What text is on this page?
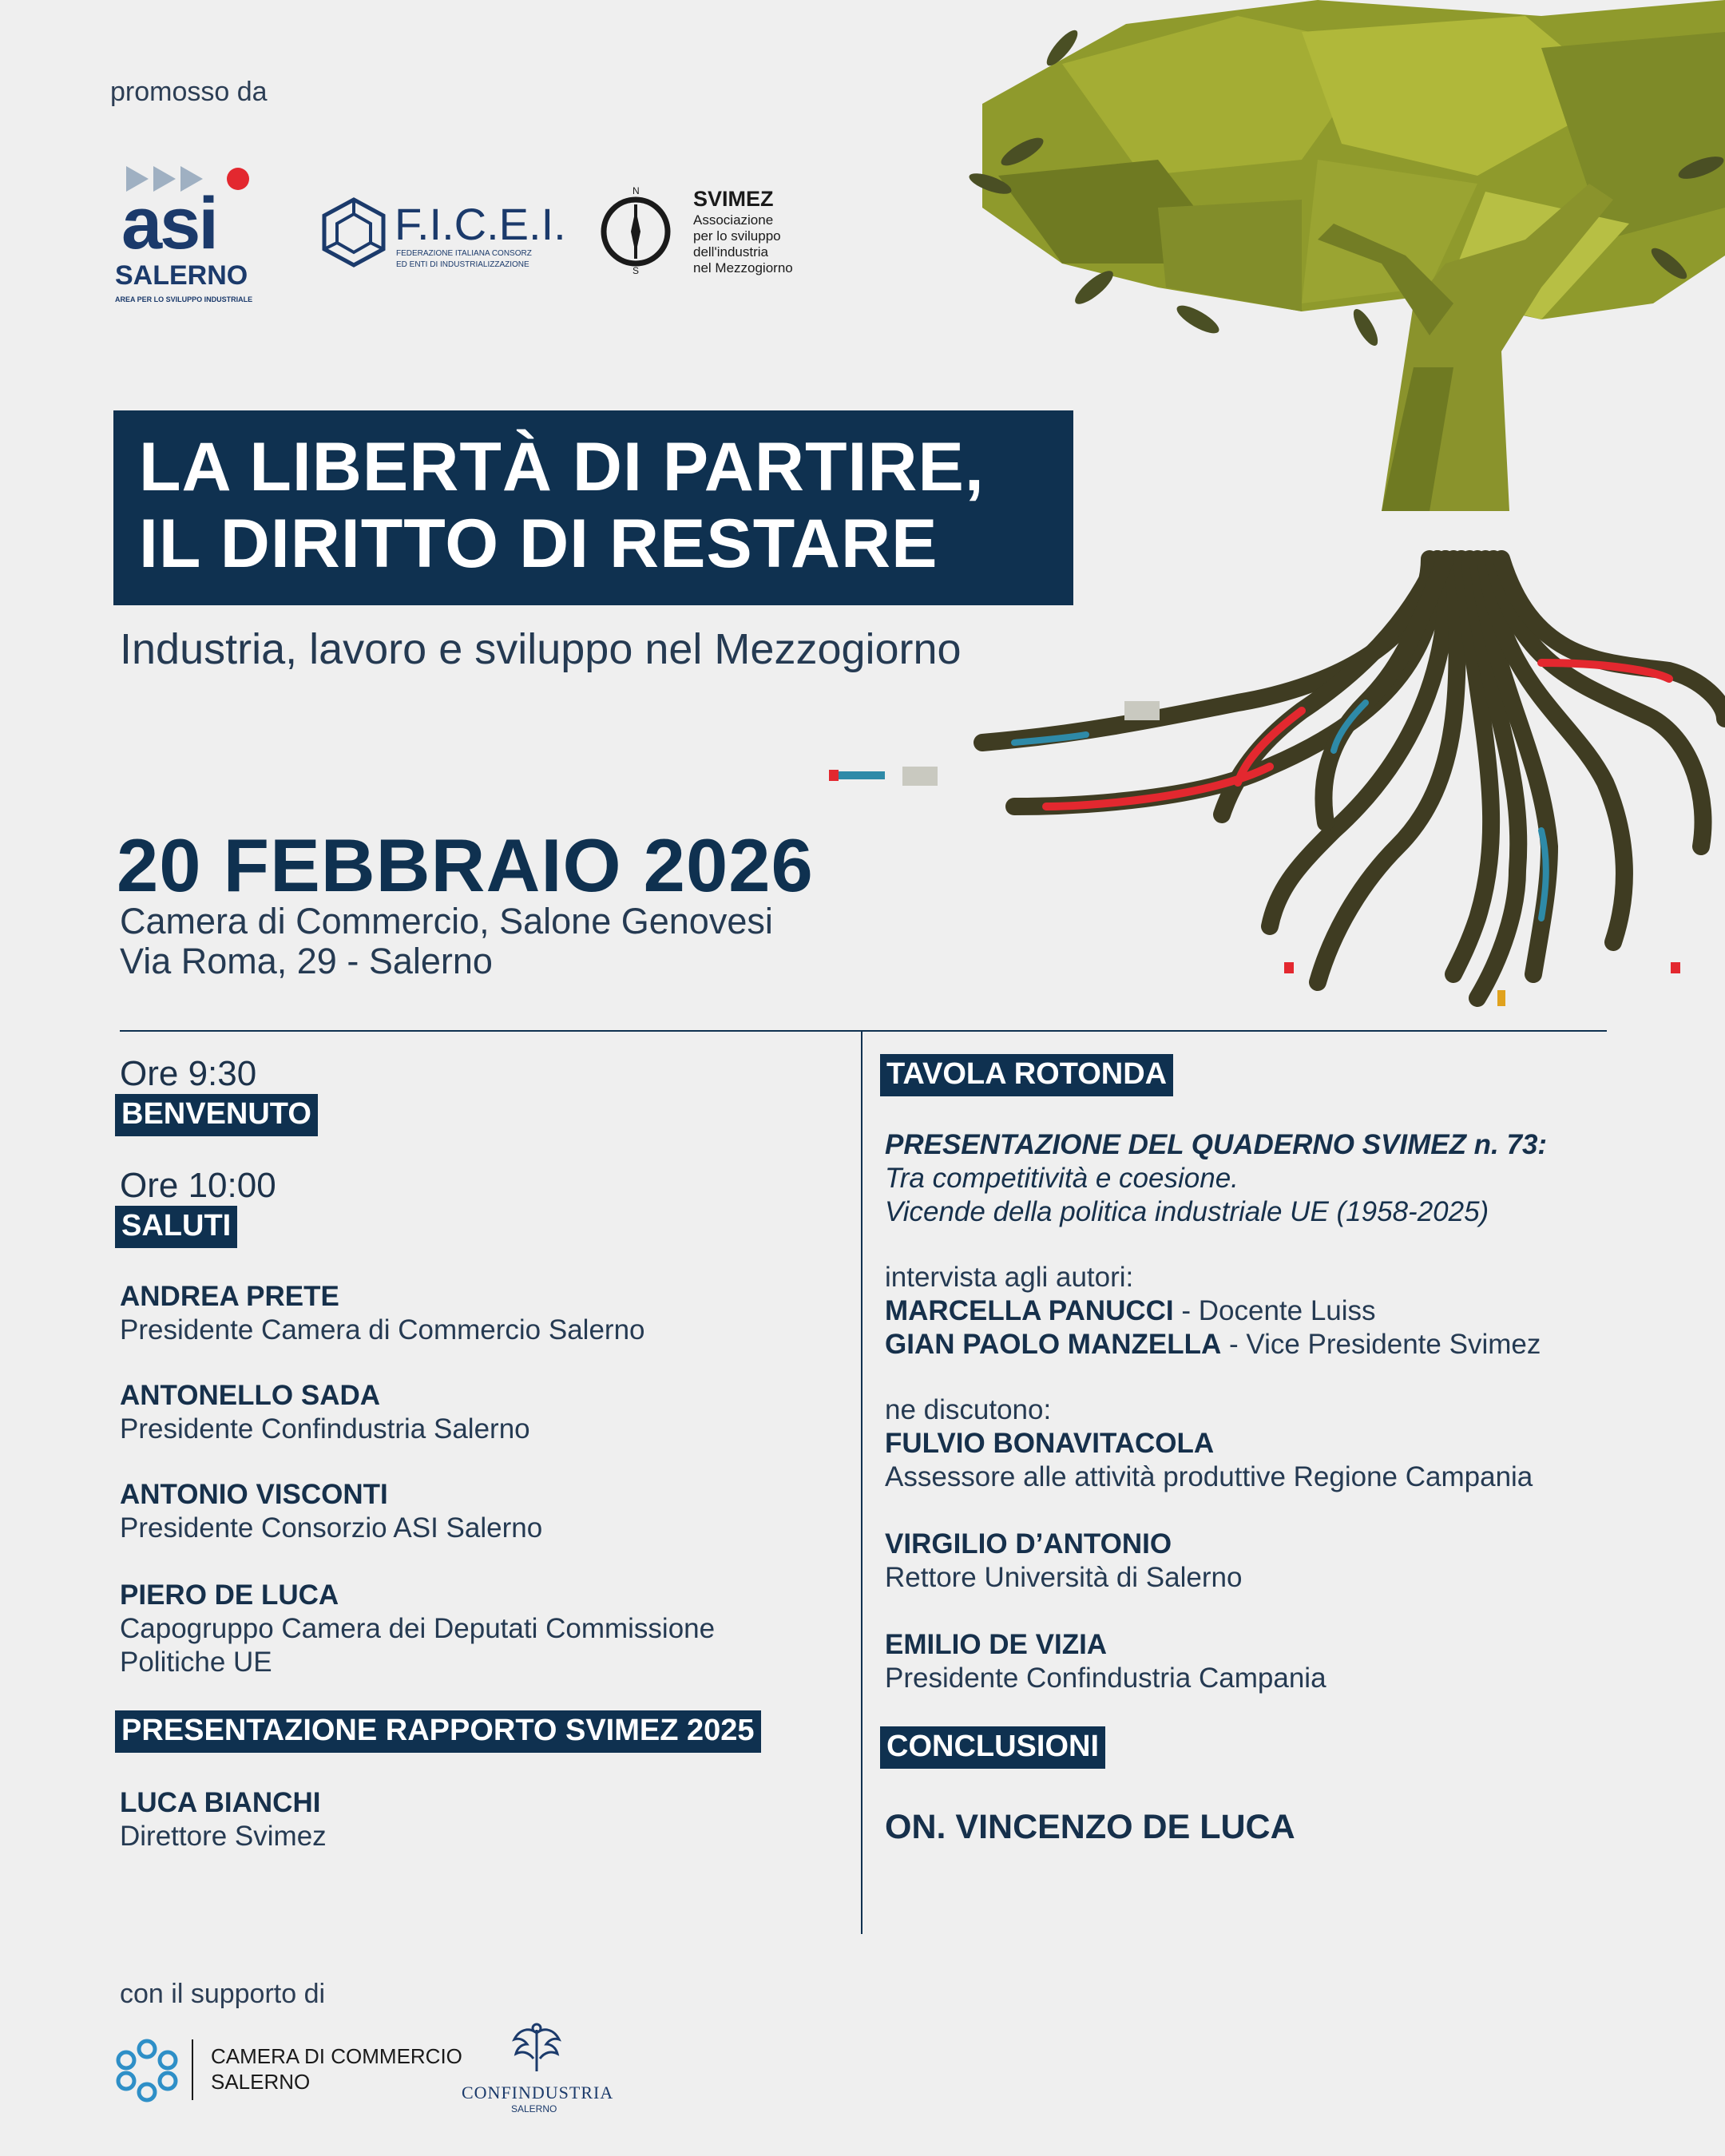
promosso da
asi
SALERNO
AREA PER LO SVILUPPO INDUSTRIALE
F.I.C.E.I.
FEDERAZIONE ITALIANA CONSORZ
ED ENTI DI INDUSTRIALIZZAZIONE
N
S
SVIMEZ
Associazione
per lo sviluppo
dell'industria
nel Mezzogiorno
LA LIBERTÀ DI PARTIRE,
IL DIRITTO DI RESTARE
Industria, lavoro e sviluppo nel Mezzogiorno
20 FEBBRAIO 2026
Camera di Commercio, Salone Genovesi
Via Roma, 29 - Salerno
Ore 9:30
BENVENUTO
Ore 10:00
SALUTI
ANDREA PRETE
Presidente Camera di Commercio Salerno
ANTONELLO SADA
Presidente Confindustria Salerno
ANTONIO VISCONTI
Presidente Consorzio ASI Salerno
PIERO DE LUCA
Capogruppo Camera dei Deputati Commissione
Politiche UE
PRESENTAZIONE RAPPORTO SVIMEZ 2025
LUCA BIANCHI
Direttore Svimez
TAVOLA ROTONDA
PRESENTAZIONE DEL QUADERNO SVIMEZ n. 73:
Tra competitività e coesione.
Vicende della politica industriale UE (1958-2025)
intervista agli autori:
MARCELLA PANUCCI - Docente Luiss
GIAN PAOLO MANZELLA - Vice Presidente Svimez
ne discutono:
FULVIO BONAVITACOLA
Assessore alle attività produttive Regione Campania
VIRGILIO D’ANTONIO
Rettore Università di Salerno
EMILIO DE VIZIA
Presidente Confindustria Campania
CONCLUSIONI
ON. VINCENZO DE LUCA
con il supporto di
CAMERA DI COMMERCIO
SALERNO	CONFINDUSTRIA
SALERNO
